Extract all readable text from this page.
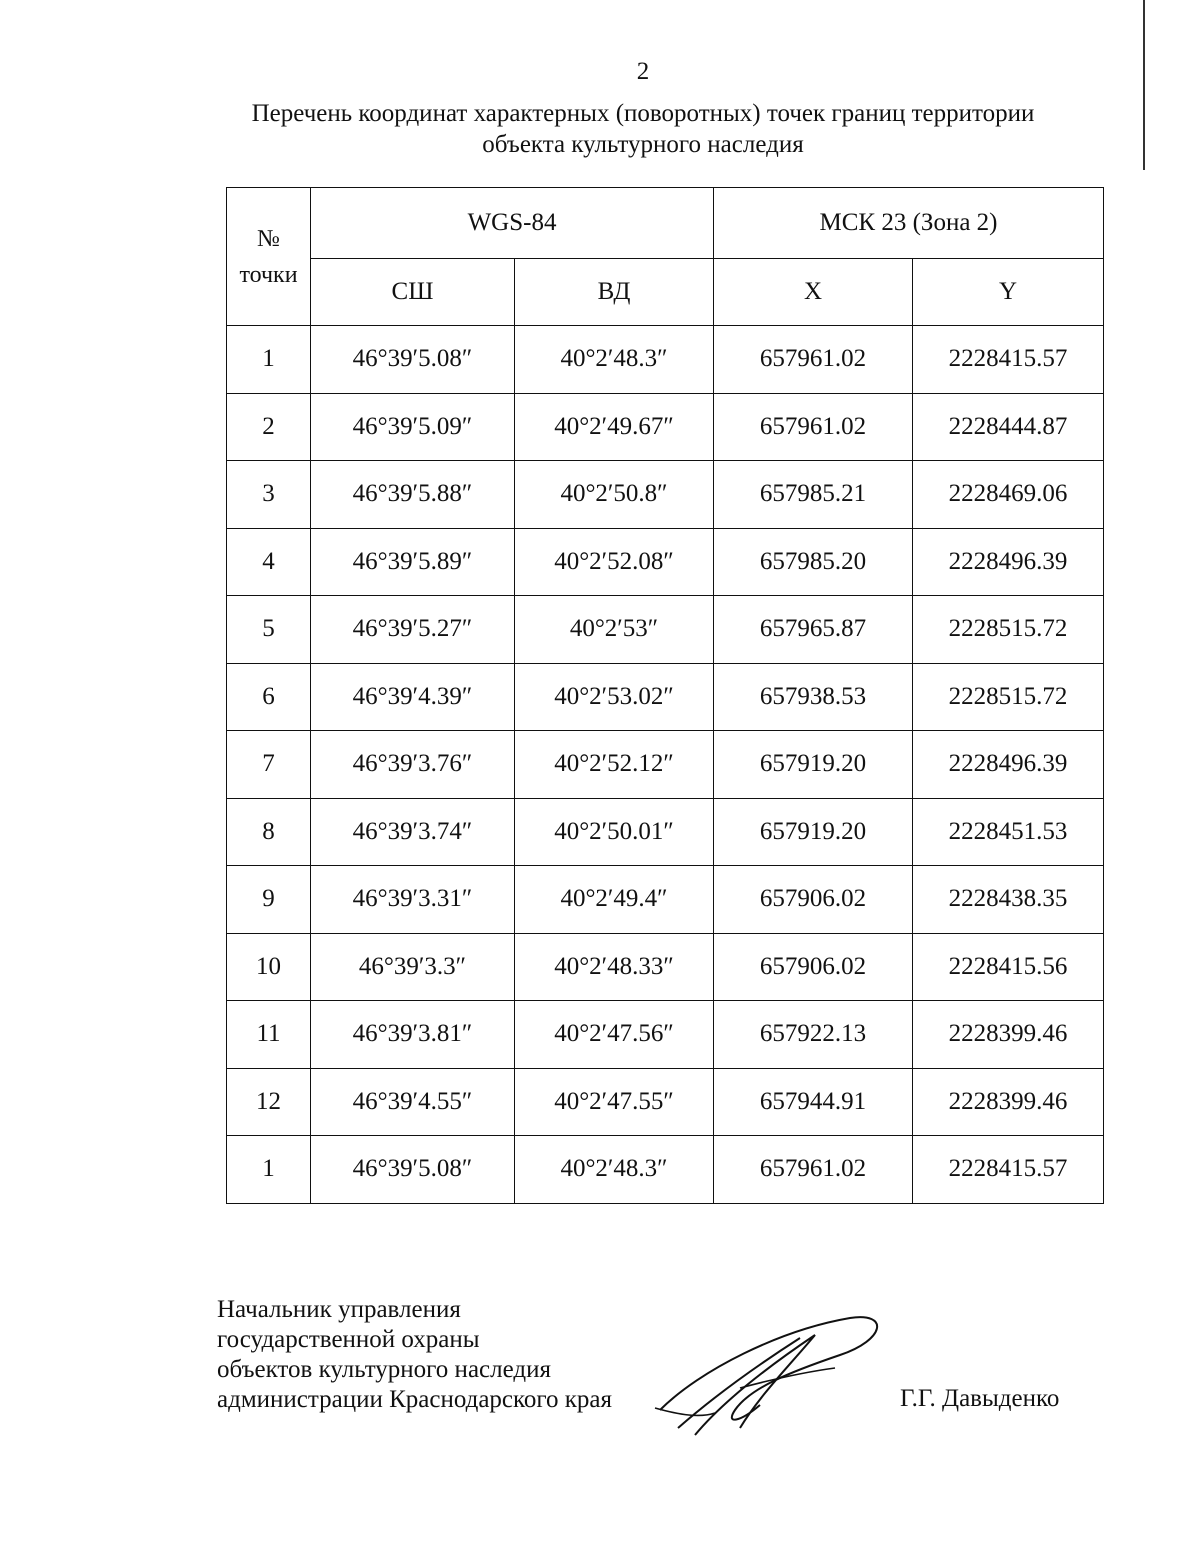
2
Перечень координат характерных (поворотных) точек границ территории
объекта культурного наследия
№
точки	WGS-84		МСК 23 (Зона 2)	
	СШ	ВД	X	Y
1	46°39′5.08″	40°2′48.3″	657961.02	2228415.57
2	46°39′5.09″	40°2′49.67″	657961.02	2228444.87
3	46°39′5.88″	40°2′50.8″	657985.21	2228469.06
4	46°39′5.89″	40°2′52.08″	657985.20	2228496.39
5	46°39′5.27″	40°2′53″	657965.87	2228515.72
6	46°39′4.39″	40°2′53.02″	657938.53	2228515.72
7	46°39′3.76″	40°2′52.12″	657919.20	2228496.39
8	46°39′3.74″	40°2′50.01″	657919.20	2228451.53
9	46°39′3.31″	40°2′49.4″	657906.02	2228438.35
10	46°39′3.3″	40°2′48.33″	657906.02	2228415.56
11	46°39′3.81″	40°2′47.56″	657922.13	2228399.46
12	46°39′4.55″	40°2′47.55″	657944.91	2228399.46
1	46°39′5.08″	40°2′48.3″	657961.02	2228415.57
Начальник управления
государственной охраны
объектов культурного наследия
администрации Краснодарского края	Г.Г. Давыденко
